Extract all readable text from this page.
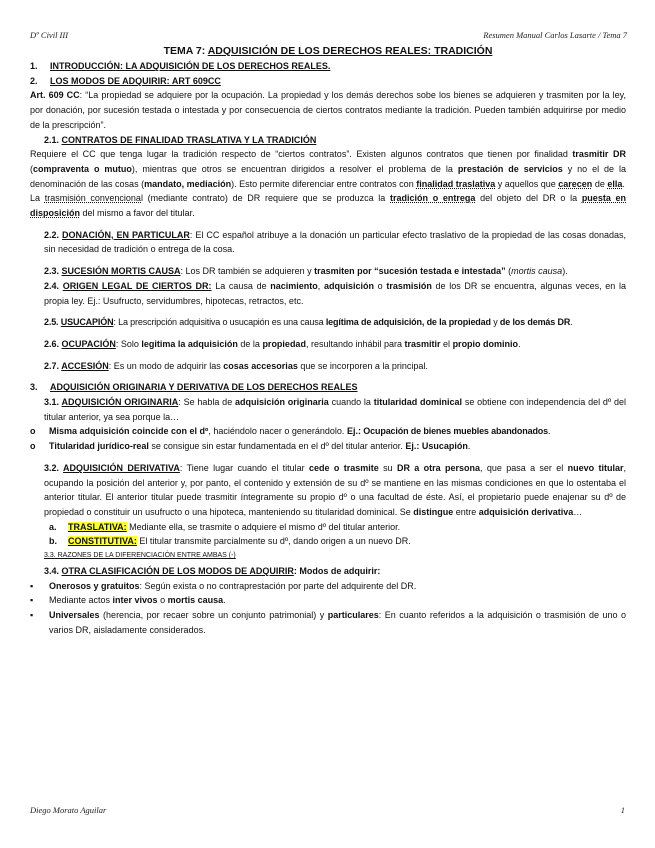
Dº Civil III	Resumen Manual Carlos Lasarte / Tema 7

TEMA 7: ADQUISICIÓN DE LOS DERECHOS REALES: TRADICIÓN

1.	INTRODUCCIÓN: LA ADQUISICIÓN DE LOS DERECHOS REALES.
2.	LOS MODOS DE ADQUIRIR: ART 609CC

Art. 609 CC: “La propiedad se adquiere por la ocupación. La propiedad y los demás derechos sobe los bienes se adquieren y trasmiten por la ley, por donación, por sucesión testada o intestada y por consecuencia de ciertos contratos mediante la tradición. Pueden también adquirirse por medio de la prescripción”.

2.1. CONTRATOS DE FINALIDAD TRASLATIVA Y LA TRADICIÓN

Requiere el CC que tenga lugar la tradición respecto de “ciertos contratos”. Existen algunos contratos que tienen por finalidad trasmitir DR (compraventa o mutuo), mientras que otros se encuentran dirigidos a resolver el problema de la prestación de servicios y no el de la denominación de las cosas (mandato, mediación). Esto permite diferenciar entre contratos con finalidad traslativa y aquellos que carecen de ella.

La trasmisión convencional (mediante contrato) de DR requiere que se produzca la tradición o entrega del objeto del DR o la puesta en disposición del mismo a favor del titular.

2.2. DONACIÓN, EN PARTICULAR: El CC español atribuye a la donación un particular efecto traslativo de la propiedad de las cosas donadas, sin necesidad de tradición o entrega de la cosa.

2.3. SUCESIÓN MORTIS CAUSA: Los DR también se adquieren y trasmiten por “sucesión testada e intestada” (mortis causa).

2.4. ORIGEN LEGAL DE CIERTOS DR: La causa de nacimiento, adquisición o trasmisión de los DR se encuentra, algunas veces, en la propia ley. Ej.: Usufructo, servidumbres, hipotecas, retractos, etc.

2.5. USUCAPIÓN: La prescripción adquisitiva o usucapión es una causa legítima de adquisición, de la propiedad y de los demás DR.

2.6. OCUPACIÓN: Solo legitima la adquisición de la propiedad, resultando inhábil para trasmitir el propio dominio.

2.7. ACCESIÓN: Es un modo de adquirir las cosas accesorias que se incorporen a la principal.

3.	ADQUISICIÓN ORIGINARIA Y DERIVATIVA DE LOS DERECHOS REALES

3.1. ADQUISICIÓN ORIGINARIA: Se habla de adquisición originaria cuando la titularidad dominical se obtiene con independencia del dº del titular anterior, ya sea porque la…

o	Misma adquisición coincide con el dº, haciéndolo nacer o generándolo. Ej.: Ocupación de bienes muebles abandonados.
o	Titularidad jurídico-real se consigue sin estar fundamentada en el dº del titular anterior. Ej.: Usucapión.

3.2. ADQUISICIÓN DERIVATIVA: Tiene lugar cuando el titular cede o trasmite su DR a otra persona, que pasa a ser el nuevo titular, ocupando la posición del anterior y, por panto, el contenido y extensión de su dº se mantiene en las mismas condiciones en que lo ostentaba el anterior titular. El anterior titular puede trasmitir íntegramente su propio dº o una facultad de éste. Así, el propietario puede enajenar su dº de propiedad o constituir un usufructo o una hipoteca, manteniendo su titularidad dominical. Se distingue entre adquisición derivativa…

a.	TRASLATIVA: Mediante ella, se trasmite o adquiere el mismo dº del titular anterior.
b.	CONSTITUTIVA: El titular transmite parcialmente su dº, dando origen a un nuevo DR.
3.3. RAZONES DE LA DIFERENCIACIÓN ENTRE AMBAS (-)
3.4. OTRA CLASIFICACIÓN DE LOS MODOS DE ADQUIRIR: Modos de adquirir:
▪	Onerosos y gratuitos: Según exista o no contraprestación por parte del adquirente del DR.
▪	Mediante actos inter vivos o mortis causa.
▪	Universales (herencia, por recaer sobre un conjunto patrimonial) y particulares: En cuanto referidos a la adquisición o trasmisión de uno o varios DR, aisladamente considerados.
Diego Morato Aguilar	1
